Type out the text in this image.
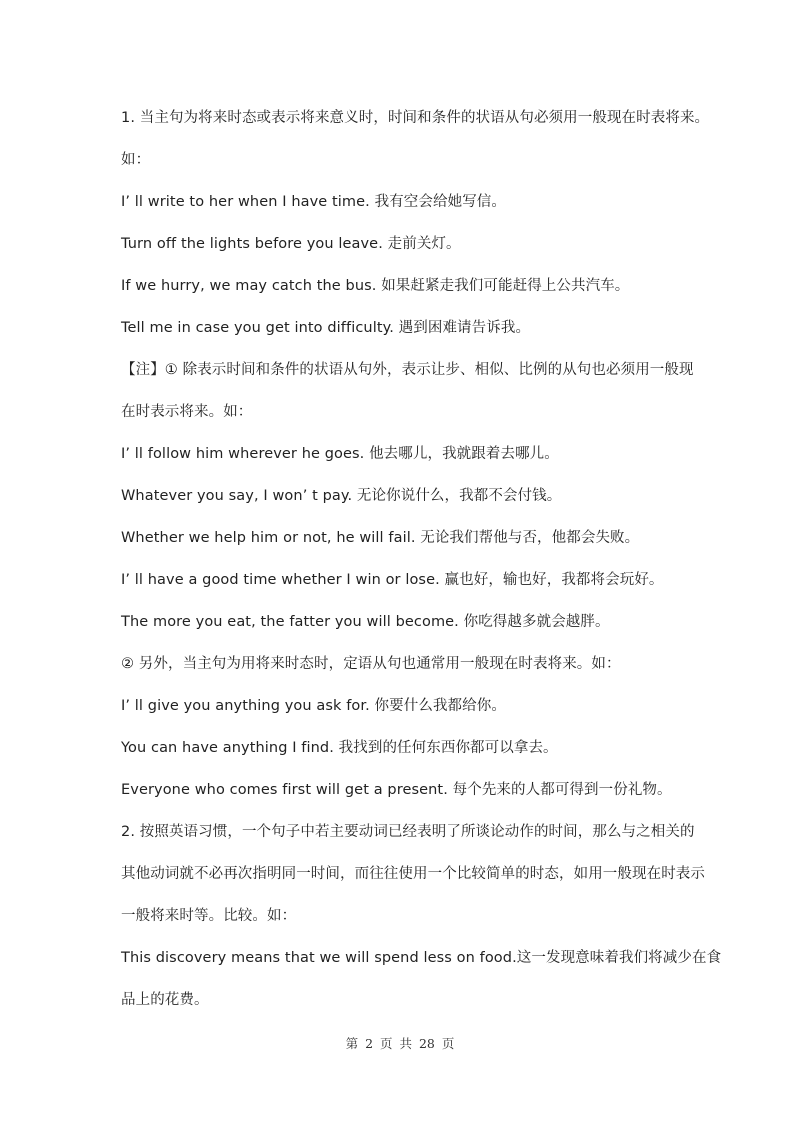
1. 当主句为将来时态或表示将来意义时，时间和条件的状语从句必须用一般现在时表将来。
如：
I’ ll write to her when I have time. 我有空会给她写信。
Turn off the lights before you leave. 走前关灯。
If we hurry, we may catch the bus. 如果赶紧走我们可能赶得上公共汽车。
Tell me in case you get into difficulty. 遇到困难请告诉我。
【注】① 除表示时间和条件的状语从句外，表示让步、相似、比例的从句也必须用一般现
在时表示将来。如：
I’ ll follow him wherever he goes. 他去哪儿，我就跟着去哪儿。
Whatever you say, I won’ t pay. 无论你说什么，我都不会付钱。
Whether we help him or not, he will fail. 无论我们帮他与否，他都会失败。
I’ ll have a good time whether I win or lose. 赢也好，输也好，我都将会玩好。
The more you eat, the fatter you will become. 你吃得越多就会越胖。
② 另外，当主句为用将来时态时，定语从句也通常用一般现在时表将来。如：
I’ ll give you anything you ask for. 你要什么我都给你。
You can have anything I find. 我找到的任何东西你都可以拿去。
Everyone who comes first will get a present. 每个先来的人都可得到一份礼物。
2. 按照英语习惯，一个句子中若主要动词已经表明了所谈论动作的时间，那么与之相关的
其他动词就不必再次指明同一时间，而往往使用一个比较简单的时态，如用一般现在时表示
一般将来时等。比较。如：
This discovery means that we will spend less on food.这一发现意味着我们将减少在食
品上的花费。
第 2 页 共 28 页
